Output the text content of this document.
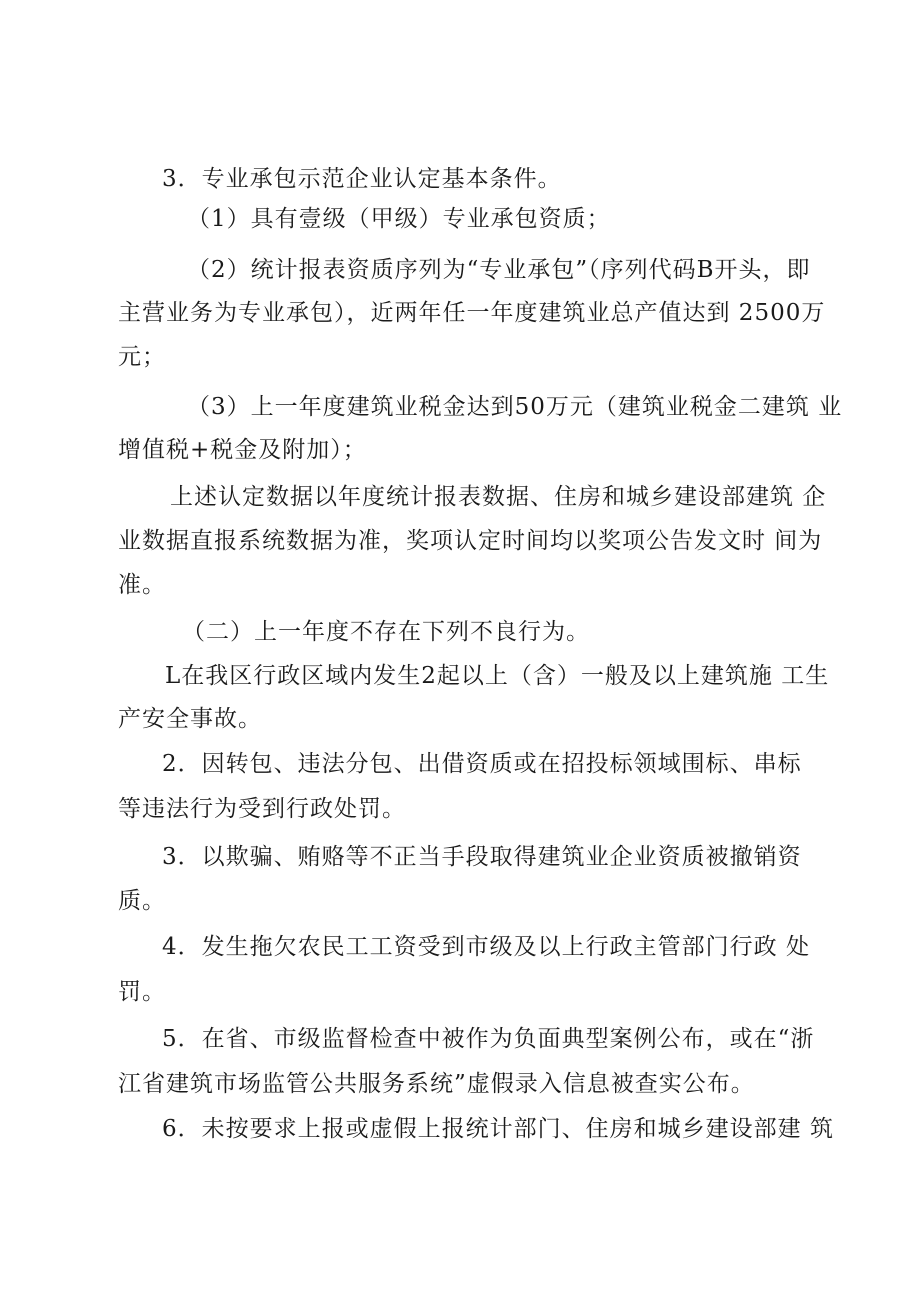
3．专业承包示范企业认定基本条件。
（1）具有壹级（甲级）专业承包资质；
（2）统计报表资质序列为“专业承包”（序列代码B开头，即
主营业务为专业承包），近两年任一年度建筑业总产值达到 2500万
元；
（3）上一年度建筑业税金达到50万元（建筑业税金二建筑 业
增值税+税金及附加）；
上述认定数据以年度统计报表数据、住房和城乡建设部建筑 企
业数据直报系统数据为准，奖项认定时间均以奖项公告发文时 间为
准。
（二）上一年度不存在下列不良行为。
L在我区行政区域内发生2起以上（含）一般及以上建筑施 工生
产安全事故。
2．因转包、违法分包、出借资质或在招投标领域围标、串标
等违法行为受到行政处罚。
3．以欺骗、贿赂等不正当手段取得建筑业企业资质被撤销资
质。
4．发生拖欠农民工工资受到市级及以上行政主管部门行政 处
罚。
5．在省、市级监督检查中被作为负面典型案例公布，或在“浙
江省建筑市场监管公共服务系统”虚假录入信息被查实公布。
6．未按要求上报或虚假上报统计部门、住房和城乡建设部建 筑
